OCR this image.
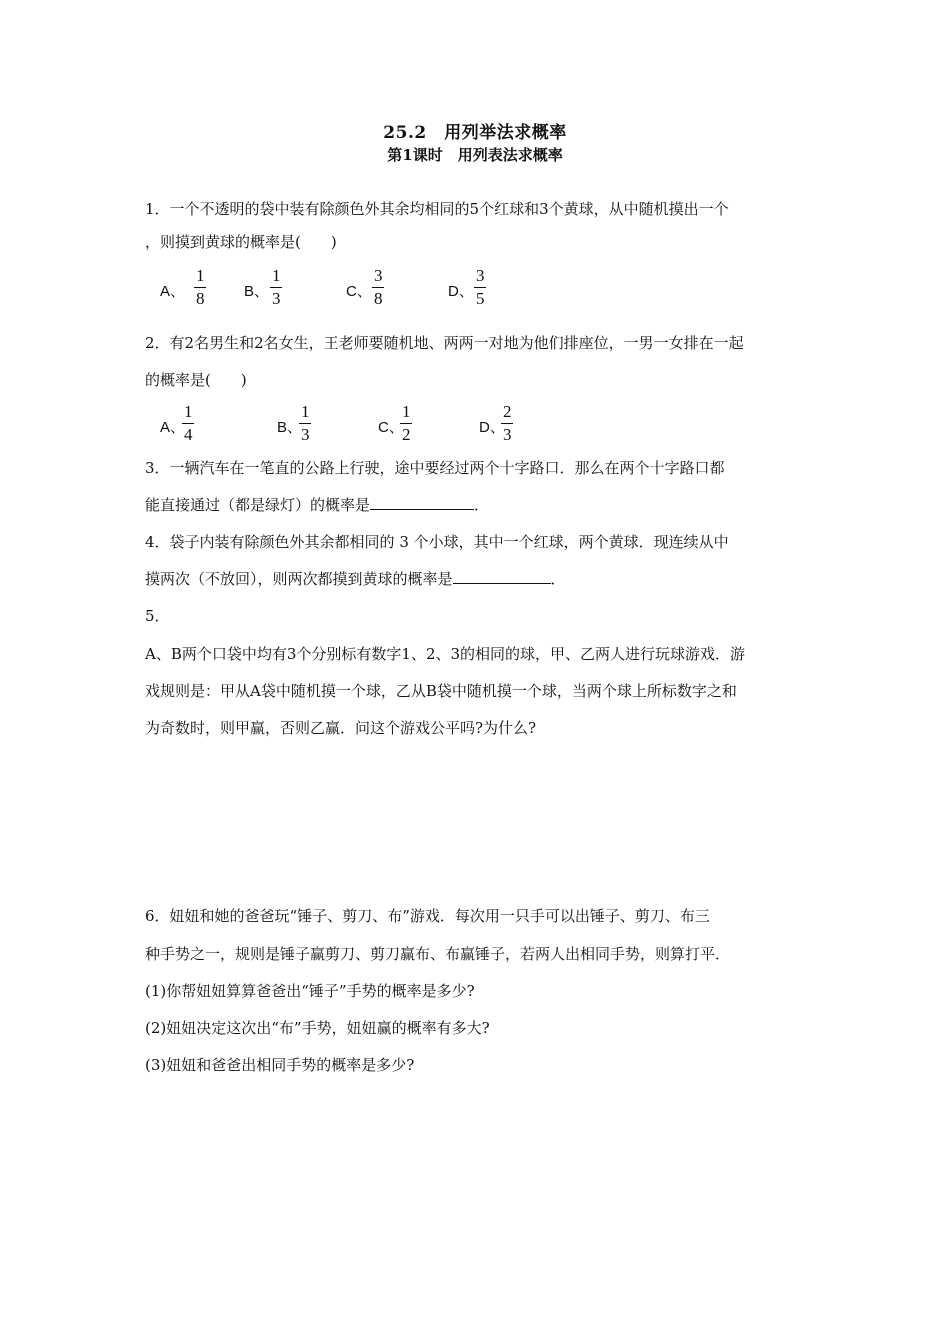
25.2　用列举法求概率
第1课时　用列表法求概率
1．一个不透明的袋中装有除颜色外其余均相同的5个红球和3个黄球，从中随机摸出一个
，则摸到黄球的概率是(　　)
A、
1
8	B、
1
3	C、
3
8	D、
3
5
2．有2名男生和2名女生，王老师要随机地、两两一对地为他们排座位，一男一女排在一起
的概率是(　　)
A、
1
4	B、
1
3	C、
1
2	D、
2
3
3．一辆汽车在一笔直的公路上行驶，途中要经过两个十字路口．那么在两个十字路口都
能直接通过（都是绿灯）的概率是	．
4．袋子内装有除颜色外其余都相同的 3 个小球，其中一个红球，两个黄球．现连续从中
摸两次（不放回），则两次都摸到黄球的概率是	．
5．
A、B两个口袋中均有3个分别标有数字1、2、3的相同的球，甲、乙两人进行玩球游戏．游
戏规则是：甲从A袋中随机摸一个球，乙从B袋中随机摸一个球，当两个球上所标数字之和
为奇数时，则甲赢，否则乙赢．问这个游戏公平吗?为什么?
6．妞妞和她的爸爸玩“锤子、剪刀、布”游戏．每次用一只手可以出锤子、剪刀、布三
种手势之一，规则是锤子赢剪刀、剪刀赢布、布赢锤子，若两人出相同手势，则算打平．
(1)你帮妞妞算算爸爸出“锤子”手势的概率是多少?
(2)妞妞决定这次出“布”手势，妞妞赢的概率有多大?
(3)妞妞和爸爸出相同手势的概率是多少?
